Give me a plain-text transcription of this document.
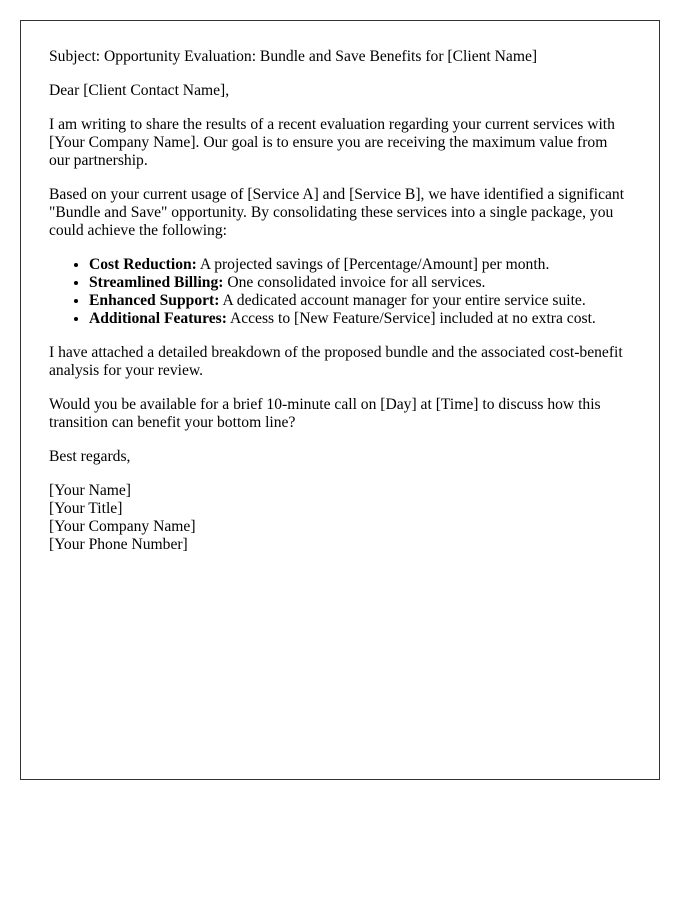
Subject: Opportunity Evaluation: Bundle and Save Benefits for [Client Name]

Dear [Client Contact Name],

I am writing to share the results of a recent evaluation regarding your current services with [Your Company Name]. Our goal is to ensure you are receiving the maximum value from our partnership.

Based on your current usage of [Service A] and [Service B], we have identified a significant "Bundle and Save" opportunity. By consolidating these services into a single package, you could achieve the following:

• Cost Reduction: A projected savings of [Percentage/Amount] per month.
• Streamlined Billing: One consolidated invoice for all services.
• Enhanced Support: A dedicated account manager for your entire service suite.
• Additional Features: Access to [New Feature/Service] included at no extra cost.

I have attached a detailed breakdown of the proposed bundle and the associated cost-benefit analysis for your review.

Would you be available for a brief 10-minute call on [Day] at [Time] to discuss how this transition can benefit your bottom line?

Best regards,

[Your Name]
[Your Title]
[Your Company Name]
[Your Phone Number]
